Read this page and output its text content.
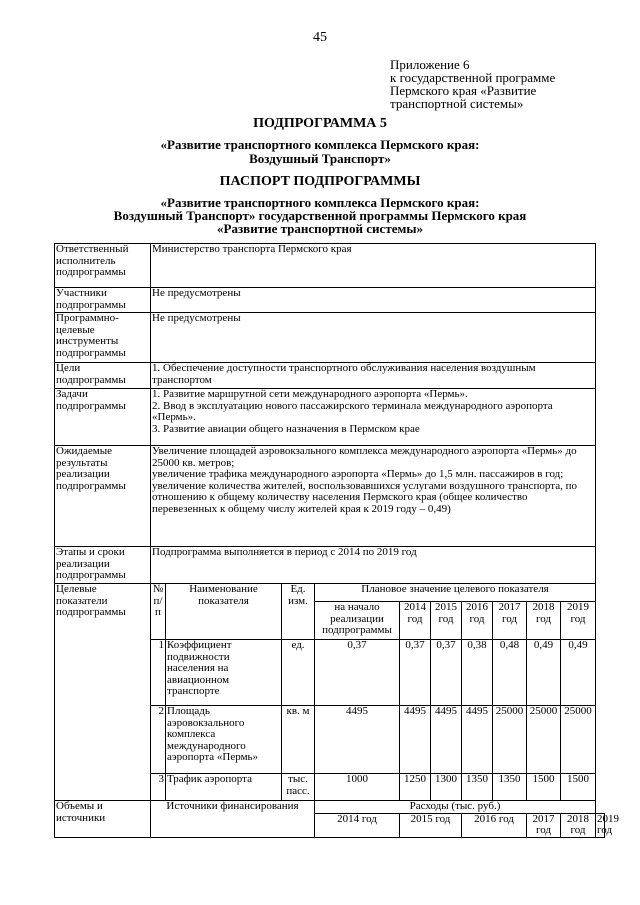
45
Приложение 6
к государственной программе
Пермского края «Развитие
транспортной системы»
ПОДПРОГРАММА 5
«Развитие транспортного комплекса Пермского края:
Воздушный Транспорт»
ПАСПОРТ ПОДПРОГРАММЫ
«Развитие транспортного комплекса Пермского края:
Воздушный Транспорт» государственной программы Пермского края
«Развитие транспортной системы»
Ответственный исполнитель подпрограммы	Министерство транспорта Пермского края										
Участники подпрограммы	Не предусмотрены										
Программно-целевые инструменты подпрограммы	Не предусмотрены										
Цели подпрограммы	1. Обеспечение доступности транспортного обслуживания населения воздушным транспортом										
Задачи подпрограммы	1. Развитие маршрутной сети международного аэропорта «Пермь».
2. Ввод в эксплуатацию нового пассажирского терминала международного аэропорта «Пермь».
3. Развитие авиации общего назначения в Пермском крае										

Ожидаемые результаты реализации подпрограммы	Увеличение площадей аэровокзального комплекса международного аэропорта «Пермь» до 25000 кв. метров;
увеличение трафика международного аэропорта «Пермь» до 1,5 млн. пассажиров в год;
увеличение количества жителей, воспользовавшихся услугами воздушного транспорта, по отношению к общему количеству населения Пермского края (общее количество перевезенных к общему числу жителей края к 2019 году – 0,49)										

Этапы и сроки реализации подпрограммы	Подпрограмма выполняется в период с 2014 по 2019 год										
Целевые показатели подпрограммы	№ п/п	Наименование показателя	Ед. изм.	Плановое значение целевого показателя							
				на начало реализации подпрограммы	2014 год	2015 год	2016 год	2017 год	2018 год	2019 год	
	1	Коэффициент подвижности населения на авиационном транспорте	ед.	0,37	0,37	0,37	0,38	0,48	0,49	0,49	
	2	Площадь аэровокзального комплекса международного аэропорта «Пермь»	кв. м	4495	4495	4495	4495	25000	25000	25000	
	3	Трафик аэропорта	тыс. пасс.	1000	1250	1300	1350	1350	1500	1500	
Объемы и источники	Источники финансирования			Расходы (тыс. руб.)							
				2014 год	2015 год		2016 год		2017 год	2018 год	2019 год
